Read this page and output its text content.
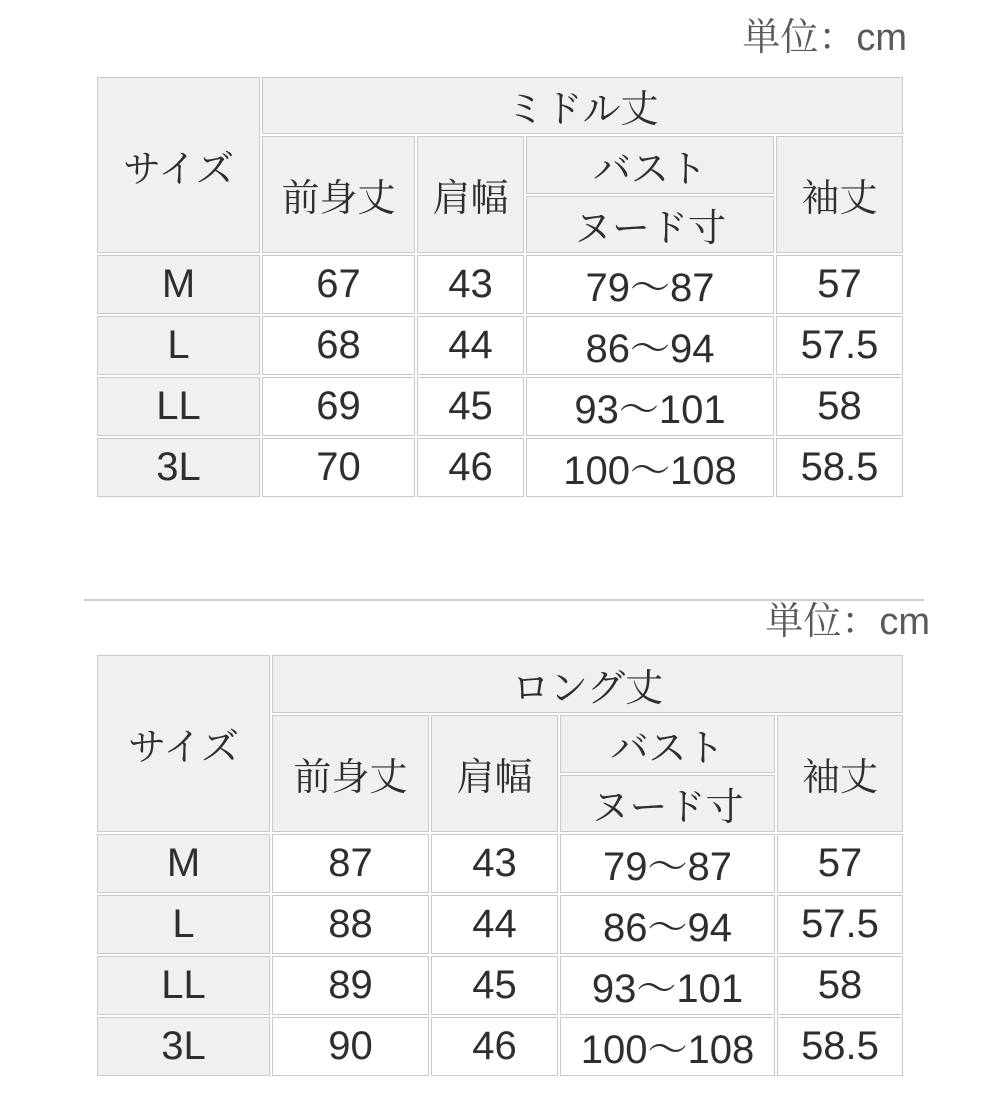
単位：cm
サイズ	ミドル丈			
	前身丈	肩幅	バスト	袖丈
			ヌード寸	
M	67	43	79〜87	57
L	68	44	86〜94	57.5
LL	69	45	93〜101	58
3L	70	46	100〜108	58.5
単位：cm
サイズ	ロング丈			
	前身丈	肩幅	バスト	袖丈
			ヌード寸	
M	87	43	79〜87	57
L	88	44	86〜94	57.5
LL	89	45	93〜101	58
3L	90	46	100〜108	58.5
